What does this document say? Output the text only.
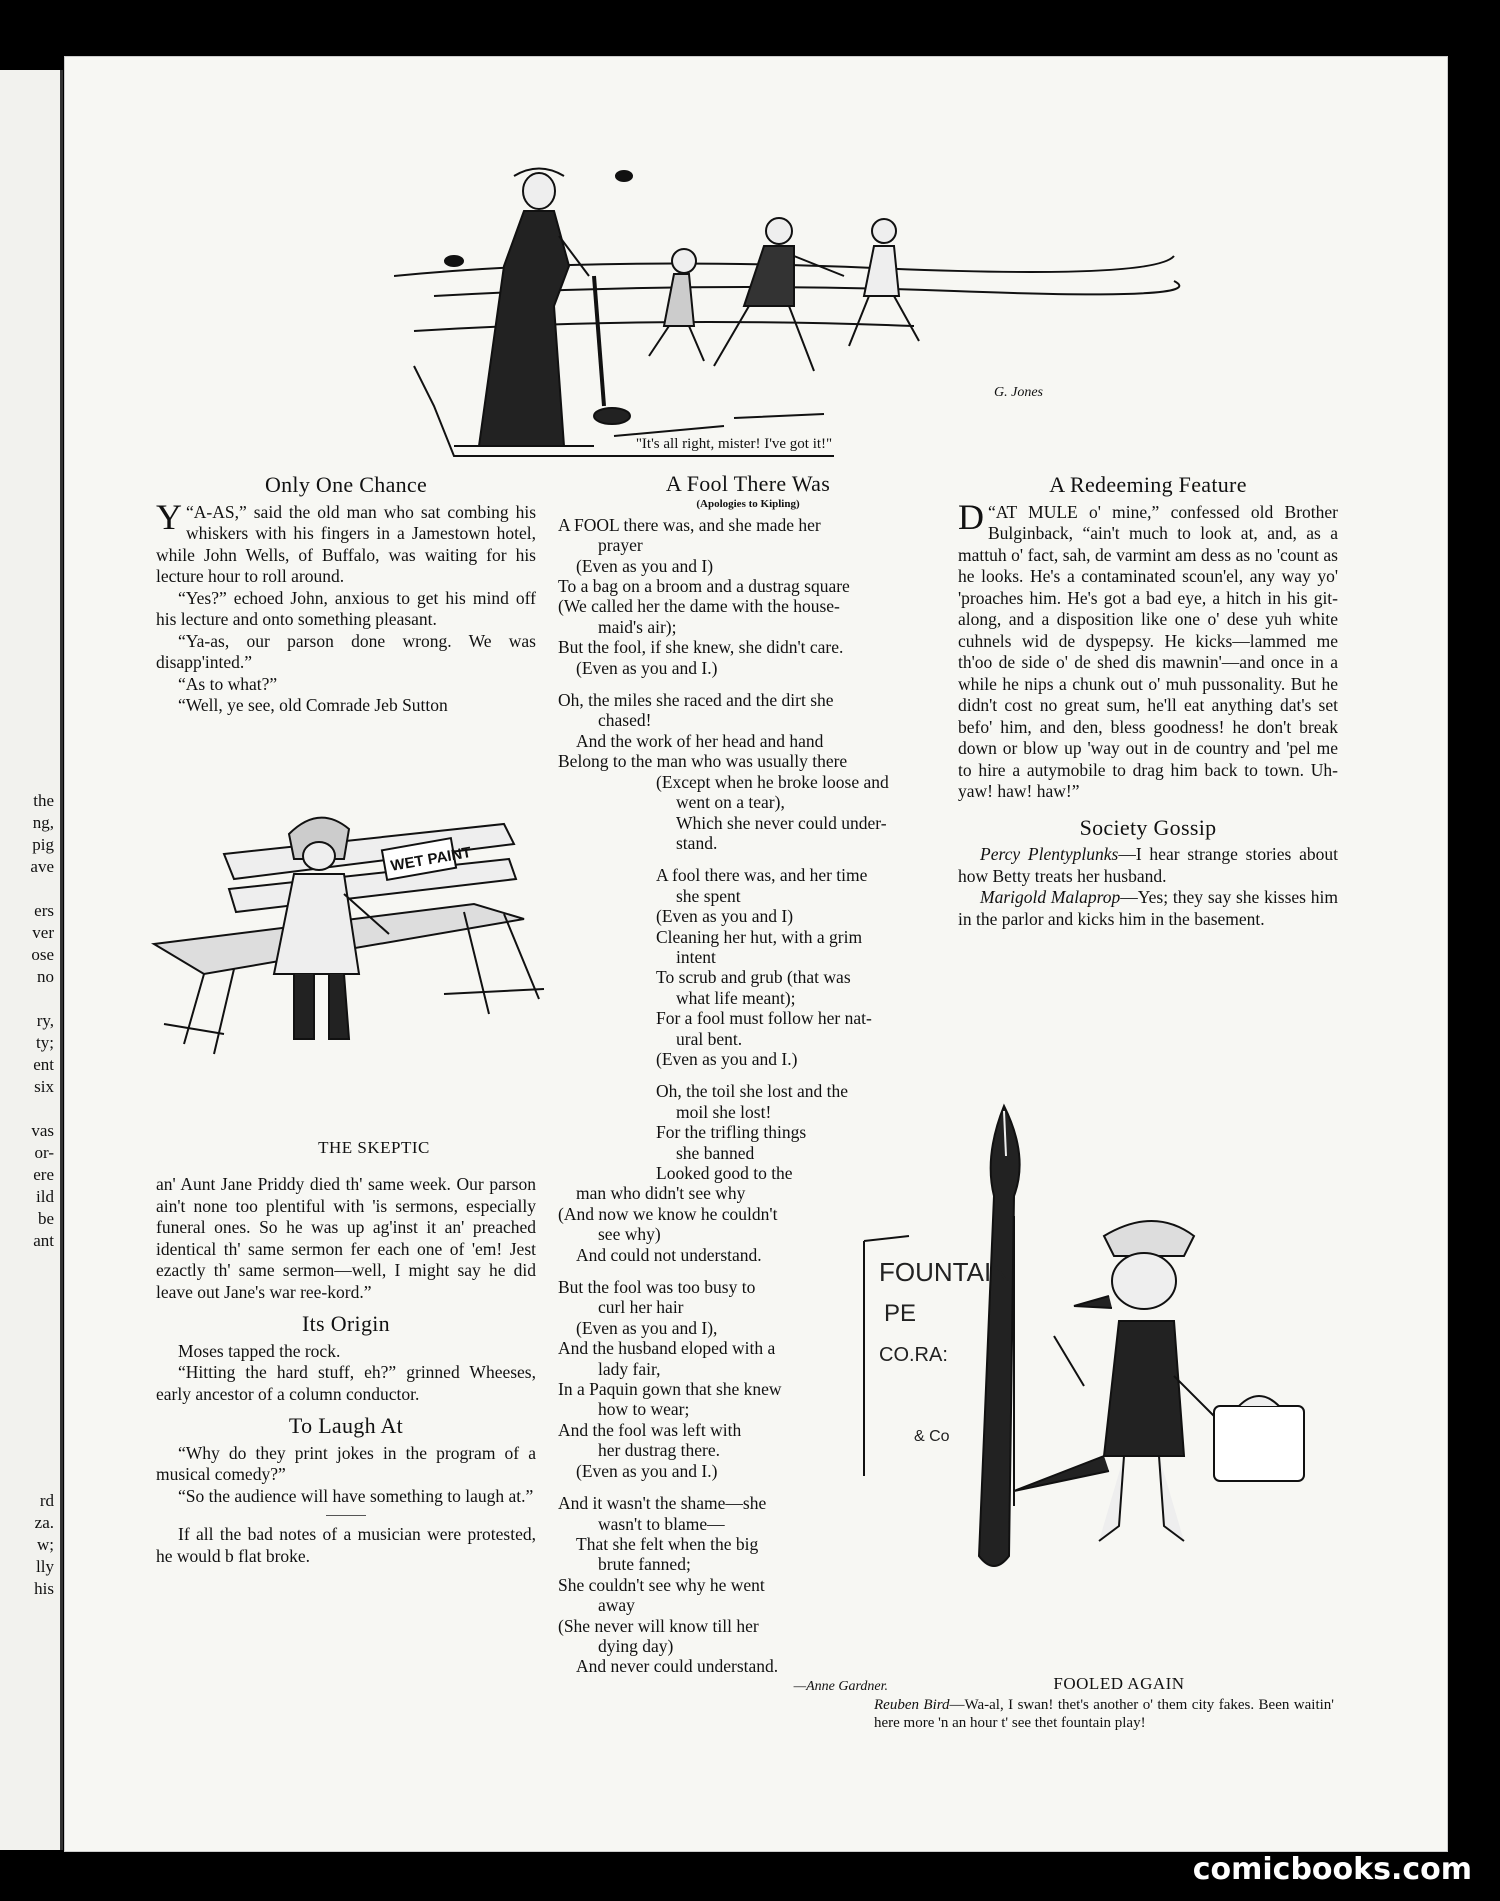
the
ng,
pig
ave
ers
ver
ose
no
ry,
ty;
ent
six
vas
or-
ere
ild
be
ant
rd
za.
w;
lly
his
G. Jones
"It's all right, mister! I've got it!"
Only One Chance

“
Y A-AS,” said the old man who sat combing his whiskers with his fingers in a Jamestown hotel, while John Wells, of Buffalo, was waiting for his lecture hour to roll around.

“Yes?” echoed John, anxious to get his mind off his lecture and onto something pleasant.

“Ya-as, our parson done wrong. We was disapp'inted.”

“As to what?”

“Well, ye see, old Comrade Jeb Sutton

WET PAINT
THE SKEPTIC

an' Aunt Jane Priddy died th' same week. Our parson ain't none too plentiful with 'is sermons, especially funeral ones. So he was up ag'inst it an' preached identical th' same sermon fer each one of 'em! Jest ezactly th' same sermon—well, I might say he did leave out Jane's war ree-kord.”

Its Origin

Moses tapped the rock.

“Hitting the hard stuff, eh?” grinned Wheeses, early ancestor of a column conductor.

To Laugh At

“Why do they print jokes in the program of a musical comedy?”

“So the audience will have something to laugh at.”

If all the bad notes of a musician were protested, he would b flat broke.

A Fool There Was
(Apologies to Kipling)
A FOOL there was, and she made her
prayer
(Even as you and I)
To a bag on a broom and a dustrag square
(We called her the dame with the house-
maid's air);
But the fool, if she knew, she didn't care.
(Even as you and I.)
Oh, the miles she raced and the dirt she
chased!
And the work of her head and hand
Belong to the man who was usually there
(Except when he broke loose and
went on a tear),
Which she never could under-
stand.
A fool there was, and her time
she spent
(Even as you and I)
Cleaning her hut, with a grim
intent
To scrub and grub (that was
what life meant);
For a fool must follow her nat-
ural bent.
(Even as you and I.)
Oh, the toil she lost and the
moil she lost!
For the trifling things
she banned
Looked good to the
man who didn't see why
(And now we know he couldn't
see why)
And could not understand.
But the fool was too busy to
curl her hair
(Even as you and I),
And the husband eloped with a
lady fair,
In a Paquin gown that she knew
how to wear;
And the fool was left with
her dustrag there.
(Even as you and I.)
And it wasn't the shame—she
wasn't to blame—
That she felt when the big
brute fanned;
She couldn't see why he went
away
(She never will know till her
dying day)
And never could understand.
—Anne Gardner.
A Redeeming Feature

“
D AT MULE o' mine,” confessed old Brother Bulginback, “ain't much to look at, and, as a mattuh o' fact, sah, de varmint am dess as no 'count as he looks. He's a contaminated scoun'el, any way yo' 'proaches him. He's got a bad eye, a hitch in his git-along, and a disposition like one o' dese yuh white cuhnels wid de dyspepsy. He kicks—lammed me th'oo de side o' de shed dis mawnin'—and once in a while he nips a chunk out o' muh pussonality. But he didn't cost no great sum, he'll eat anything dat's set befo' him, and den, bless goodness! he don't break down or blow up 'way out in de country and 'pel me to hire a autymobile to drag him back to town. Uh-yaw! haw! haw!”

Society Gossip

Percy Plentyplunks—I hear strange stories about how Betty treats her husband.

Marigold Malaprop—Yes; they say she kisses him in the parlor and kicks him in the basement.

FOUNTAIN
PE
CO.RA:
& Co
FOOLED AGAIN
Reuben Bird—Wa-al, I swan! thet's another o' them city fakes. Been waitin' here more 'n an hour t' see thet fountain play!
comicbooks.com
